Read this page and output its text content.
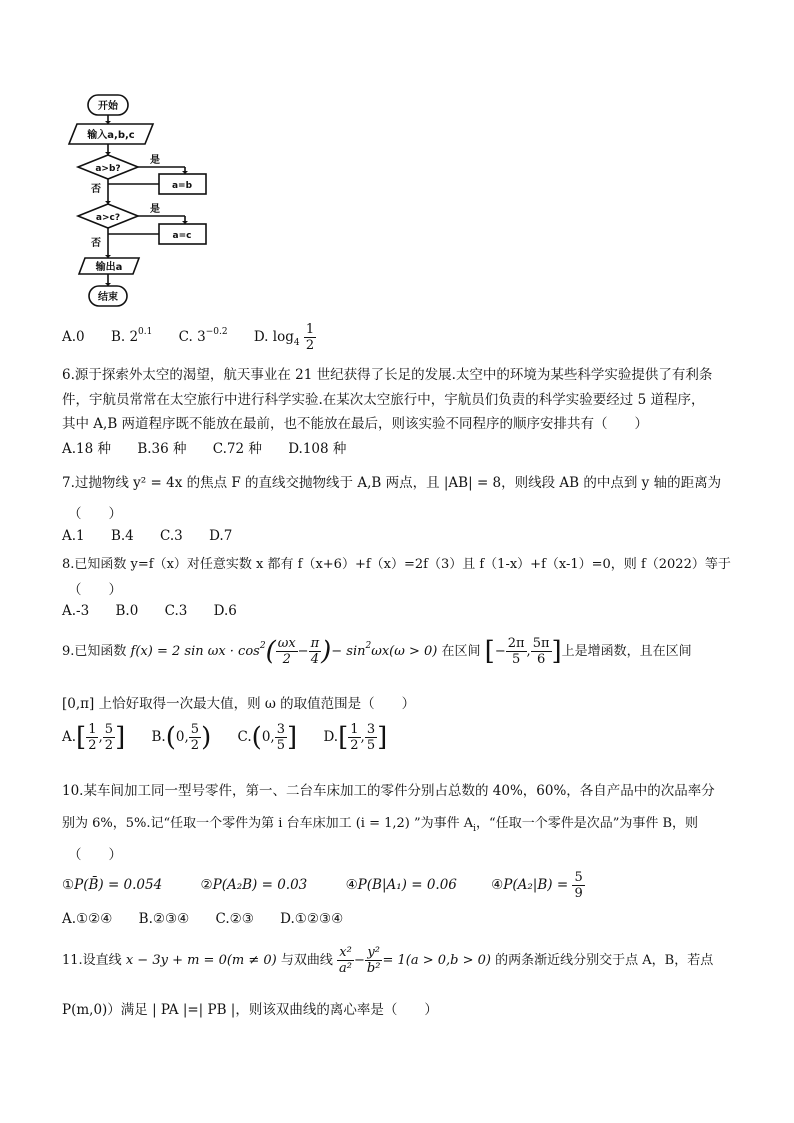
开始
输入a,b,c
a>b?
是
a=b
否
a>c?
是
a=c
否
输出a
结束
A.0 B. $2^{0.1}$ C. $3^{-0.2}$ D. $\log_4 \frac{1}{2}$
6.源于探索外太空的渴望，航天事业在 21 世纪获得了长足的发展.太空中的环境为某些科学实验提供了有利条
件，宇航员常常在太空旅行中进行科学实验.在某次太空旅行中，宇航员们负责的科学实验要经过 5 道程序，
其中 A,B 两道程序既不能放在最前，也不能放在最后，则该实验不同程序的顺序安排共有（　　）
A.18 种 B.36 种 C.72 种 D.108 种
7.过抛物线 y² = 4x 的焦点 F 的直线交抛物线于 A,B 两点，且 |AB| = 8，则线段 AB 的中点到 y 轴的距离为
（　　）
A.1 B.4 C.3 D.7
8.已知函数 y=f（x）对任意实数 x 都有 f（x+6）+f（x）=2f（3）且 f（1-x）+f（x-1）=0，则 f（2022）等于
（　　）
A.-3 B.0 C.3 D.6
9.已知函数 f(x) = 2 $\sin \omega x \cdot \cos^2( \frac{\omega x}{2} - \frac{\pi}{4}$ )− $\sin^2\omega x(\omega > 0)$ 在区间 [− $\frac{2\pi}{5}$ , $\frac{5\pi}{6}$ ]上是增函数，且在区间
[0,π] 上恰好取得一次最大值，则 ω 的取值范围是（　　）
$A.[ \frac{1}{2}$ , $\frac{5}{2}$ ] B.(0, $\frac{5}{2}$ ) C.(0, $\frac{3}{5}$ ] $D.[ \frac{1}{2}$ , $\frac{3}{5}$ ]
10.某车间加工同一型号零件，第一、二台车床加工的零件分别占总数的 40%，60%，各自产品中的次品率分
别为 6%，5%.记“任取一个零件为第 i 台车床加工 (i = 1,2) ”为事件 $A_i$，“任取一个零件是次品”为事件 B，则
（　　）
①P(B̄) = 0.054	②P(A₂B) = 0.03	④P(B|A₁) = 0.06	④P(A₂|B) = $\frac{5}{9}$
A.①②④ B.②③④ C.②③ D.①②③④
11.设直线 x − 3y + m = 0(m ≠ 0) 与双曲线 $\frac{\text{x²}}{\text{a²}} - \frac{\text{y²}}{\text{b²}} = 1(a > 0,b > 0)$ 的两条渐近线分别交于点 A，B，若点
P(m,0)）满足 | PA |=| PB |，则该双曲线的离心率是（　　）
